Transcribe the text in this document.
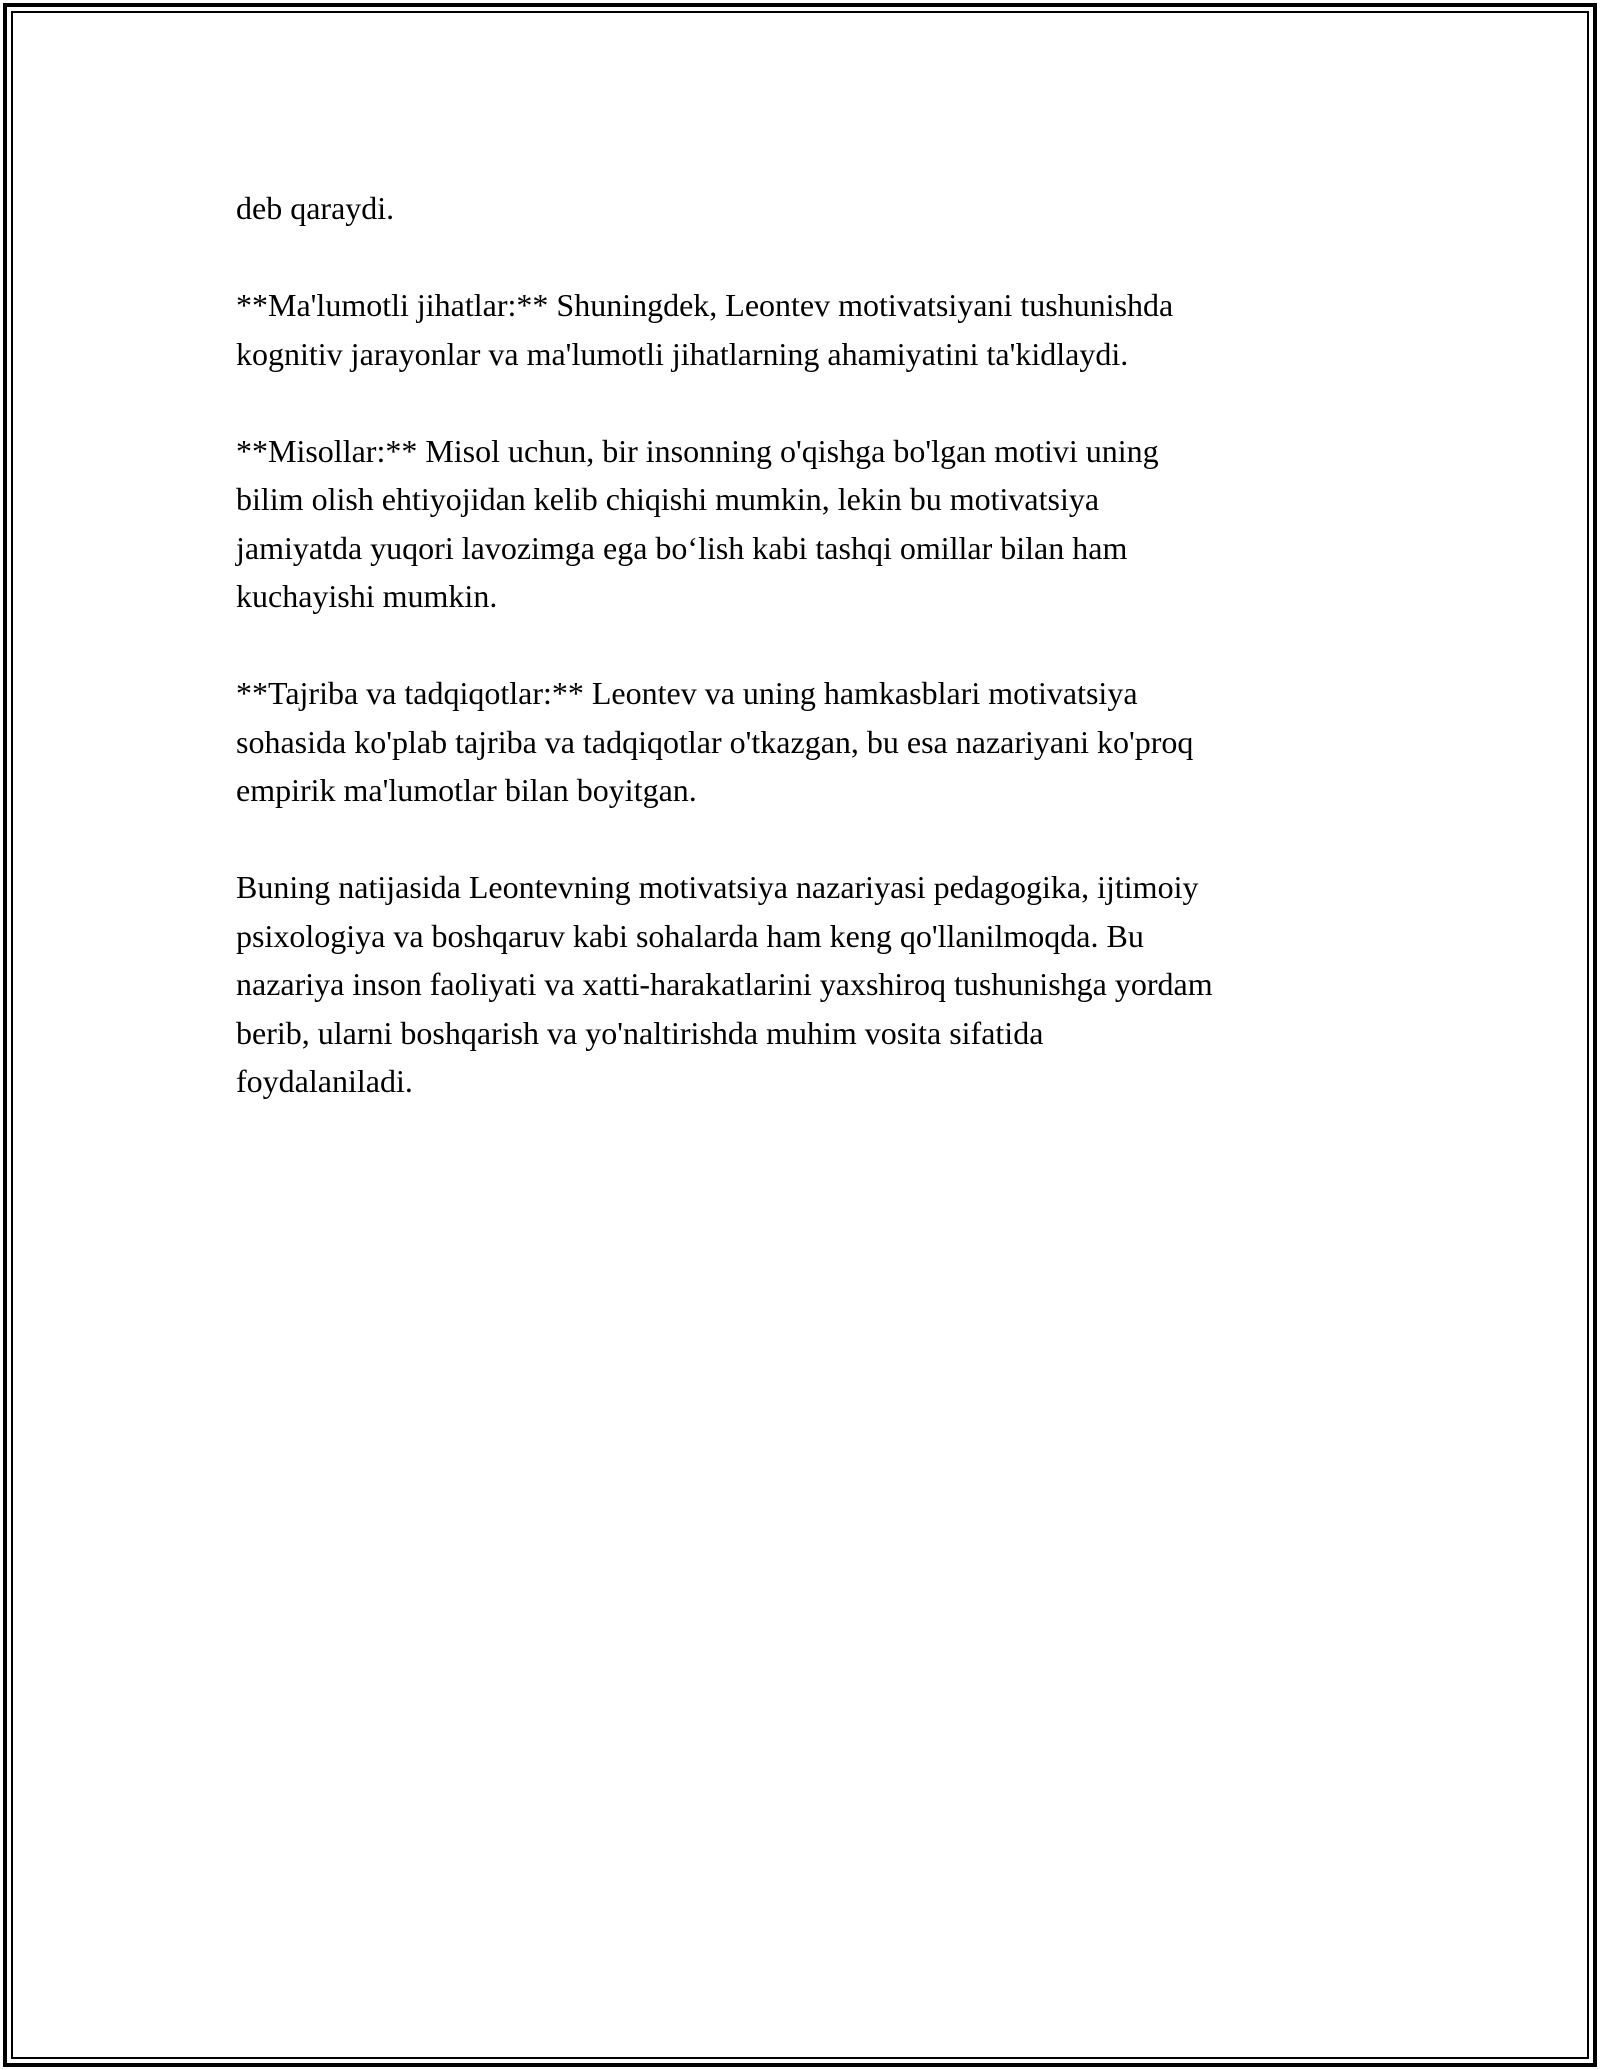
deb qaraydi.

**Ma'lumotli jihatlar:** Shuningdek, Leontev motivatsiyani tushunishda
kognitiv jarayonlar va ma'lumotli jihatlarning ahamiyatini ta'kidlaydi.

**Misollar:** Misol uchun, bir insonning o'qishga bo'lgan motivi uning
bilim olish ehtiyojidan kelib chiqishi mumkin, lekin bu motivatsiya
jamiyatda yuqori lavozimga ega bo‘lish kabi tashqi omillar bilan ham
kuchayishi mumkin.

**Tajriba va tadqiqotlar:** Leontev va uning hamkasblari motivatsiya
sohasida ko'plab tajriba va tadqiqotlar o'tkazgan, bu esa nazariyani ko'proq
empirik ma'lumotlar bilan boyitgan.

Buning natijasida Leontevning motivatsiya nazariyasi pedagogika, ijtimoiy
psixologiya va boshqaruv kabi sohalarda ham keng qo'llanilmoqda. Bu
nazariya inson faoliyati va xatti-harakatlarini yaxshiroq tushunishga yordam
berib, ularni boshqarish va yo'naltirishda muhim vosita sifatida
foydalaniladi.
